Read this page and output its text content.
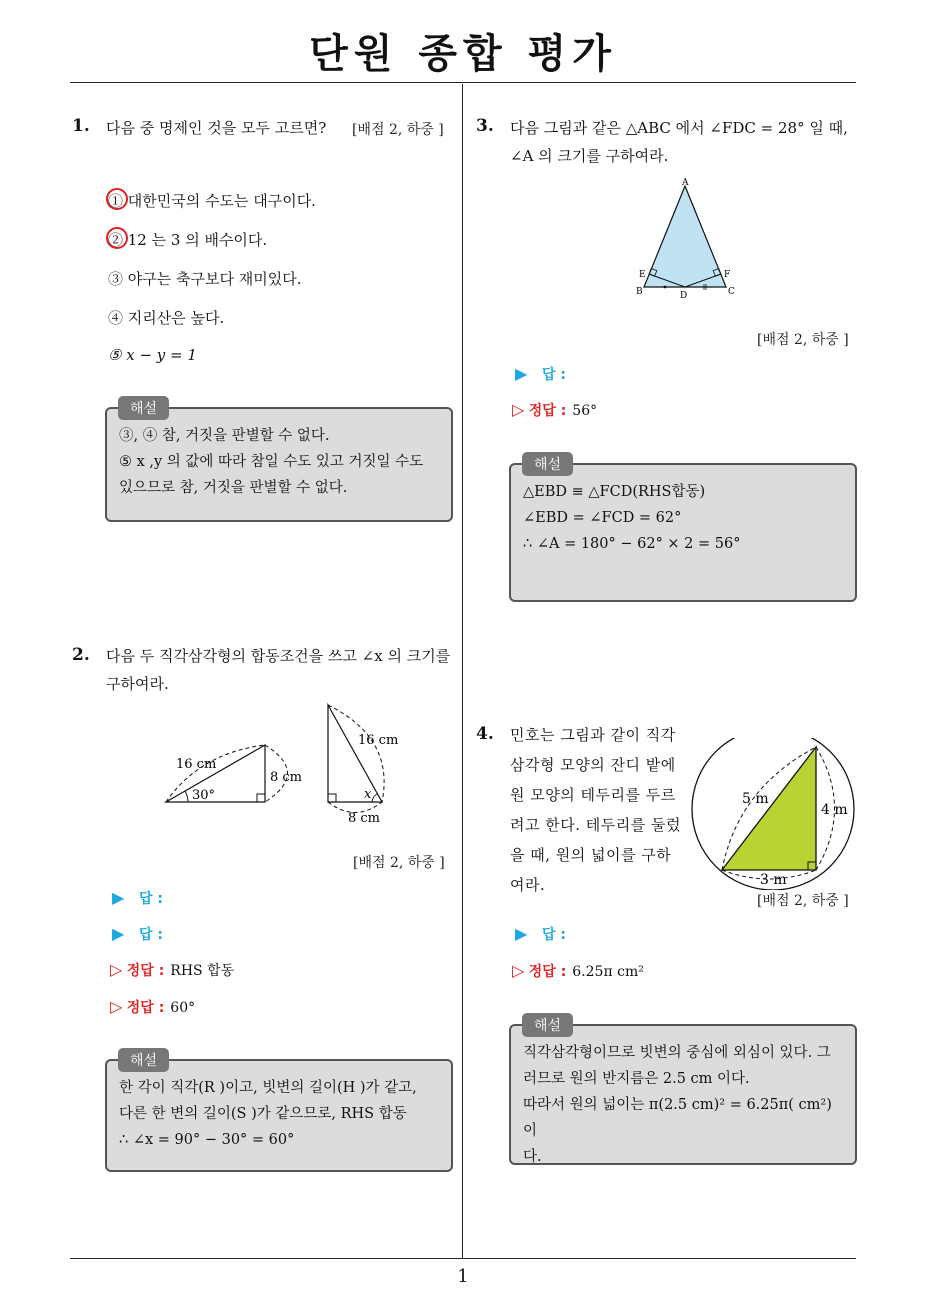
단원 종합 평가
1
1. 다음 중 명제인 것을 모두 고르면? [배점 2, 하중 ]
① 대한민국의 수도는 대구이다.
② 12 는 3 의 배수이다.
③ 야구는 축구보다 재미있다.
④ 지리산은 높다.
⑤ x − y = 1
③, ④ 참, 거짓을 판별할 수 없다.
⑤ x ,y 의 값에 따라 참일 수도 있고 거짓일 수도
있으므로 참, 거짓을 판별할 수 없다.
해설
2. 다음 두 직각삼각형의 합동조건을 쓰고 ∠x 의 크기를
구하여라.
16 cm
8 cm
30°
16 cm
8 cm
x
[배점 2, 하중 ]
▶ 답 :
▶ 답 :
▷ 정답 : RHS 합동
▷ 정답 : 60°
한 각이 직각(R )이고, 빗변의 길이(H )가 같고,
다른 한 변의 길이(S )가 같으므로, RHS 합동
∴ ∠x = 90° − 30° = 60°
해설
3. 다음 그림과 같은 △ABC 에서 ∠FDC = 28° 일 때,
∠A 의 크기를 구하여라.
A
B	C
D
E	F
[배점 2, 하중 ]
▶ 답 :
▷ 정답 : 56°
△EBD ≡ △FCD(RHS합동)
∠EBD = ∠FCD = 62°
∴ ∠A = 180° − 62° × 2 = 56°
해설
4. 민호는 그림과 같이 직각
삼각형 모양의 잔디 밭에
원 모양의 테두리를 두르
려고 한다. 테두리를 둘렀
을 때, 원의 넓이를 구하
여라.
5 m
4 m
3 m
[배점 2, 하중 ]
▶ 답 :
▷ 정답 : 6.25π cm²
직각삼각형이므로 빗변의 중심에 외심이 있다. 그
러므로 원의 반지름은 2.5 cm 이다.
따라서 원의 넓이는 π(2.5 cm)² = 6.25π( cm²) 이
다.
해설
